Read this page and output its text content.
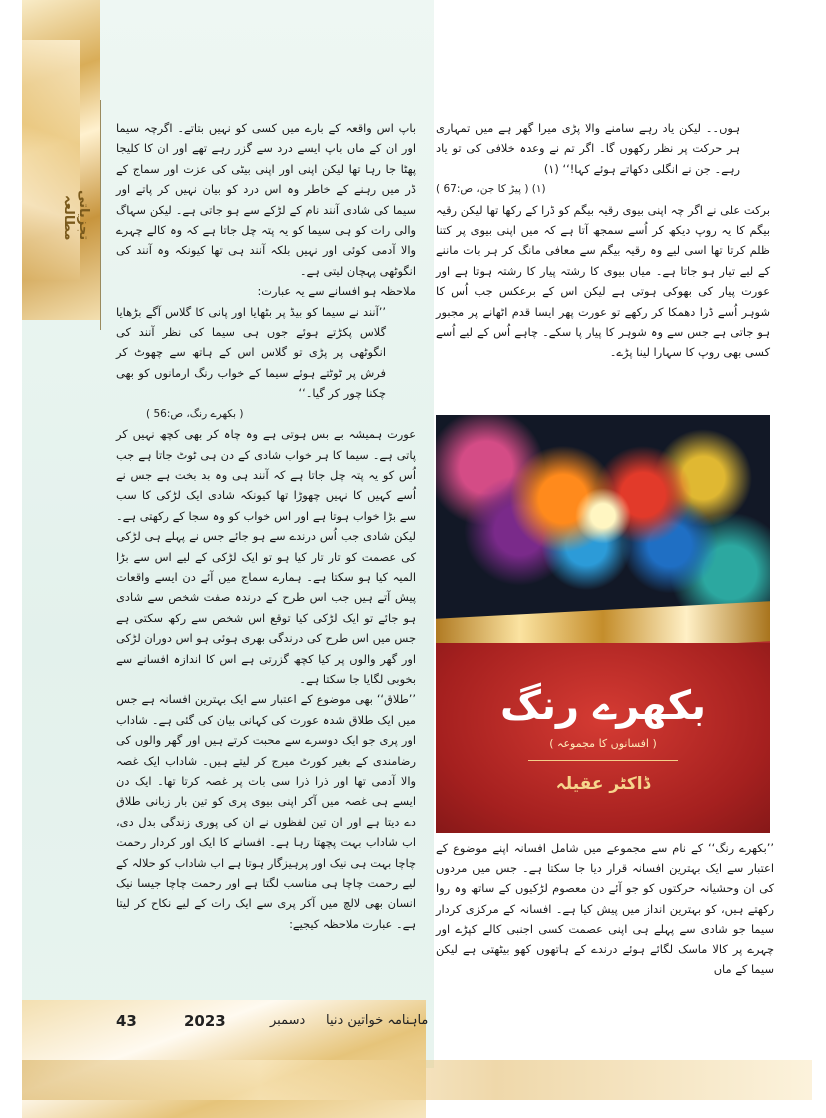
تجزیاتی مطالعہ

باپ اس واقعہ کے بارے میں کسی کو نہیں بتاتے۔ اگرچہ سیما اور ان کے ماں باپ ایسے درد سے گزر رہے تھے اور ان کا کلیجا پھٹا جا رہا تھا لیکن اپنی اور اپنی بیٹی کی عزت اور سماج کے ڈر میں رہنے کے خاطر وہ اس درد کو بیان نہیں کر پاتے اور سیما کی شادی آنند نام کے لڑکے سے ہو جاتی ہے۔ لیکن سہاگ والی رات کو ہی سیما کو یہ پتہ چل جاتا ہے کہ وہ کالے چہرے والا آدمی کوئی اور نہیں بلکہ آنند ہی تھا کیونکہ وہ آنند کی انگوٹھی پہچان لیتی ہے۔

ملاحظہ ہو افسانے سے یہ عبارت:

’’آنند نے سیما کو بیڈ پر بٹھایا اور پانی کا گلاس آگے بڑھایا گلاس پکڑتے ہوئے جوں ہی سیما کی نظر آنند کی انگوٹھی پر پڑی تو گلاس اس کے ہاتھ سے چھوٹ کر فرش پر ٹوٹتے ہوئے سیما کے خواب رنگ ارمانوں کو بھی چکنا چور کر گیا۔‘‘

( بکھرے رنگ، ص:56 )

عورت ہمیشہ بے بس ہوتی ہے وہ چاہ کر بھی کچھ نہیں کر پاتی ہے۔ سیما کا ہر خواب شادی کے دن ہی ٹوٹ جاتا ہے جب اُس کو یہ پتہ چل جاتا ہے کہ آنند ہی وہ بد بخت ہے جس نے اُسے کہیں کا نہیں چھوڑا تھا کیونکہ شادی ایک لڑکی کا سب سے بڑا خواب ہوتا ہے اور اس خواب کو وہ سجا کے رکھتی ہے۔ لیکن شادی جب اُس درندے سے ہو جائے جس نے پہلے ہی لڑکی کی عصمت کو تار تار کیا ہو تو ایک لڑکی کے لیے اس سے بڑا المیہ کیا ہو سکتا ہے۔ ہمارے سماج میں آئے دن ایسے واقعات پیش آتے ہیں جب اس طرح کے درندہ صفت شخص سے شادی ہو جائے تو ایک لڑکی کیا توقع اس شخص سے رکھ سکتی ہے جس میں اس طرح کی درندگی بھری ہوئی ہو اس دوران لڑکی اور گھر والوں پر کیا کچھ گزرتی ہے اس کا اندازہ افسانے سے بخوبی لگایا جا سکتا ہے۔

’’طلاق‘‘ بھی موضوع کے اعتبار سے ایک بہترین افسانہ ہے جس میں ایک طلاق شدہ عورت کی کہانی بیان کی گئی ہے۔ شاداب اور پری جو ایک دوسرے سے محبت کرتے ہیں اور گھر والوں کی رضامندی کے بغیر کورٹ میرج کر لیتے ہیں۔ شاداب ایک غصہ والا آدمی تھا اور ذرا ذرا سی بات پر غصہ کرتا تھا۔ ایک دن ایسے ہی غصہ میں آکر اپنی بیوی پری کو تین بار زبانی طلاق دے دیتا ہے اور ان تین لفظوں نے ان کی پوری زندگی بدل دی، اب شاداب بہت پچھتا رہا ہے۔ افسانے کا ایک اور کردار رحمت چاچا بہت ہی نیک اور پرہیزگار ہوتا ہے اب شاداب کو حلالہ کے لیے رحمت چاچا ہی مناسب لگتا ہے اور رحمت چاچا جیسا نیک انسان بھی لالچ میں آکر پری سے ایک رات کے لیے نکاح کر لیتا ہے۔ عبارت ملاحظہ کیجیے:

ہوں۔۔ لیکن یاد رہے سامنے والا پڑی میرا گھر ہے میں تمہاری ہر حرکت پر نظر رکھوں گا۔ اگر تم نے وعدہ خلافی کی تو یاد رہے۔ جن نے انگلی دکھاتے ہوئے کہا!‘‘ (۱)

(۱) ( پیڑ کا جن، ص:67 )

برکت علی نے اگر چہ اپنی بیوی رقیہ بیگم کو ڈرا کے رکھا تھا لیکن رقیہ بیگم کا یہ روپ دیکھ کر اُسے سمجھ آتا ہے کہ میں اپنی بیوی پر کتنا ظلم کرتا تھا اسی لیے وہ رقیہ بیگم سے معافی مانگ کر ہر بات ماننے کے لیے تیار ہو جاتا ہے۔ میاں بیوی کا رشتہ پیار کا رشتہ ہوتا ہے اور عورت پیار کی بھوکی ہوتی ہے لیکن اس کے برعکس جب اُس کا شوہر اُسے ڈرا دھمکا کر رکھے تو عورت پھر ایسا قدم اٹھانے پر مجبور ہو جاتی ہے جس سے وہ شوہر کا پیار پا سکے۔ چاہے اُس کے لیے اُسے کسی بھی روپ کا سہارا لینا پڑے۔

بکھرے رنگ
( افسانوں کا مجموعہ )
ڈاکٹر عقیلہ

’’بکھرے رنگ‘‘ کے نام سے مجموعے میں شامل افسانہ اپنے موضوع کے اعتبار سے ایک بہترین افسانہ قرار دیا جا سکتا ہے۔ جس میں مردوں کی ان وحشیانہ حرکتوں کو جو آئے دن معصوم لڑکیوں کے ساتھ وہ روا رکھتے ہیں، کو بہترین انداز میں پیش کیا ہے۔ افسانہ کے مرکزی کردار سیما جو شادی سے پہلے ہی اپنی عصمت کسی اجنبی کالے کپڑے اور چہرے پر کالا ماسک لگائے ہوئے درندے کے ہاتھوں کھو بیٹھتی ہے لیکن سیما کے ماں

43	2023	دسمبر ماہنامہ خواتین دنیا
